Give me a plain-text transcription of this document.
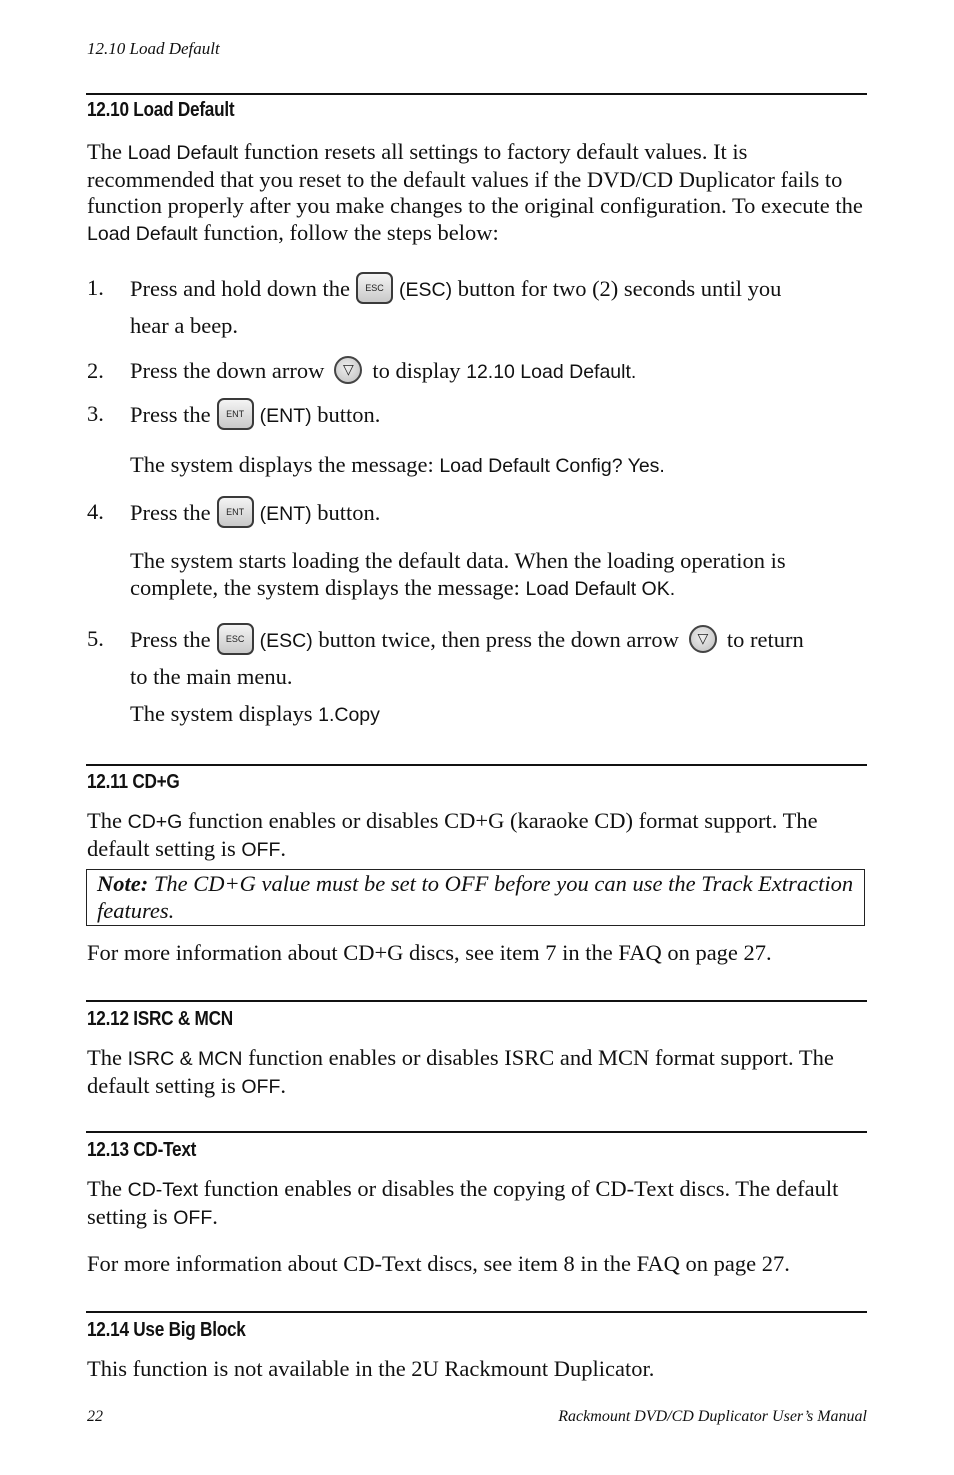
12.10 Load Default
12.10 Load Default
The Load Default function resets all settings to factory default values. It is recommended that you reset to the default values if the DVD/CD Duplicator fails to function properly after you make changes to the original configuration. To execute the Load Default function, follow the steps below:
1. Press and hold down the ESC (ESC) button for two (2) seconds until you
hear a beep.
2. Press the down arrow ▽ to display 12.10 Load Default.
3. Press the ENT (ENT) button.
The system displays the message: Load Default Config? Yes.
4. Press the ENT (ENT) button.
The system starts loading the default data. When the loading operation is
complete, the system displays the message: Load Default OK.
5. Press the ESC (ESC) button twice, then press the down arrow ▽ to return
to the main menu.
The system displays 1.Copy
12.11 CD+G
The CD+G function enables or disables CD+G (karaoke CD) format support. The default setting is OFF.
Note: The CD+G value must be set to OFF before you can use the Track Extraction features.
For more information about CD+G discs, see item 7 in the FAQ on page 27.
12.12 ISRC & MCN
The ISRC & MCN function enables or disables ISRC and MCN format support. The default setting is OFF.
12.13 CD-Text
The CD-Text function enables or disables the copying of CD-Text discs. The default setting is OFF.
For more information about CD-Text discs, see item 8 in the FAQ on page 27.
12.14 Use Big Block
This function is not available in the 2U Rackmount Duplicator.
22	Rackmount DVD/CD Duplicator User’s Manual
